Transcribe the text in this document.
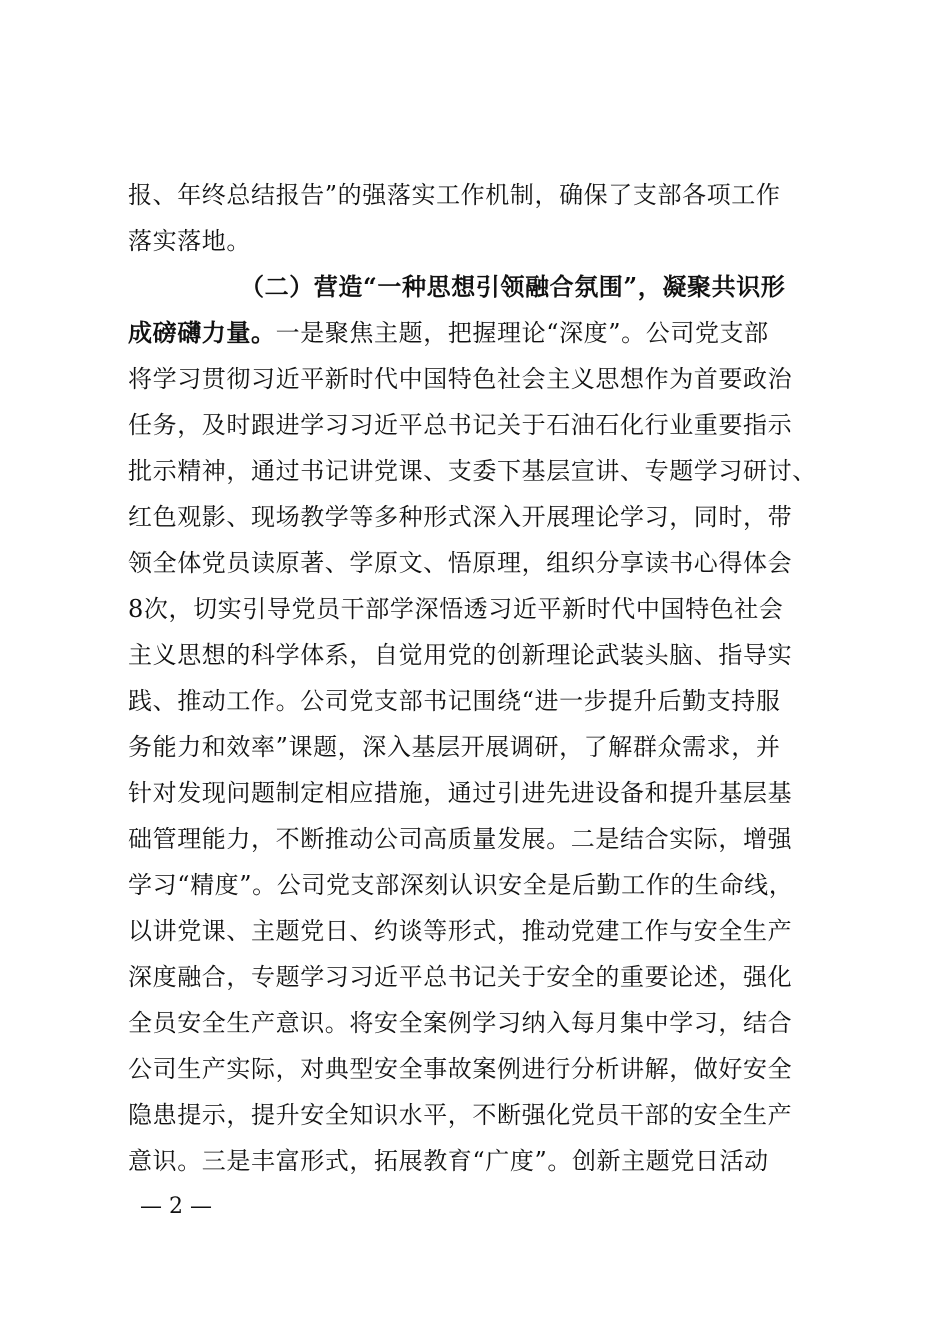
报、年终总结报告”的强落实工作机制，确保了支部各项工作
落实落地。
（二）营造“一种思想引领融合氛围”，凝聚共识形
成磅礴力量。一是聚焦主题，把握理论“深度”。公司党支部
将学习贯彻习近平新时代中国特色社会主义思想作为首要政治
任务，及时跟进学习习近平总书记关于石油石化行业重要指示
批示精神，通过书记讲党课、支委下基层宣讲、专题学习研讨、
红色观影、现场教学等多种形式深入开展理论学习，同时，带
领全体党员读原著、学原文、悟原理，组织分享读书心得体会
8次，切实引导党员干部学深悟透习近平新时代中国特色社会
主义思想的科学体系，自觉用党的创新理论武装头脑、指导实
践、推动工作。公司党支部书记围绕“进一步提升后勤支持服
务能力和效率”课题，深入基层开展调研，了解群众需求，并
针对发现问题制定相应措施，通过引进先进设备和提升基层基
础管理能力，不断推动公司高质量发展。二是结合实际，增强
学习“精度”。公司党支部深刻认识安全是后勤工作的生命线，
以讲党课、主题党日、约谈等形式，推动党建工作与安全生产
深度融合，专题学习习近平总书记关于安全的重要论述，强化
全员安全生产意识。将安全案例学习纳入每月集中学习，结合
公司生产实际，对典型安全事故案例进行分析讲解，做好安全
隐患提示，提升安全知识水平，不断强化党员干部的安全生产
意识。三是丰富形式，拓展教育“广度”。创新主题党日活动
— 2 —
